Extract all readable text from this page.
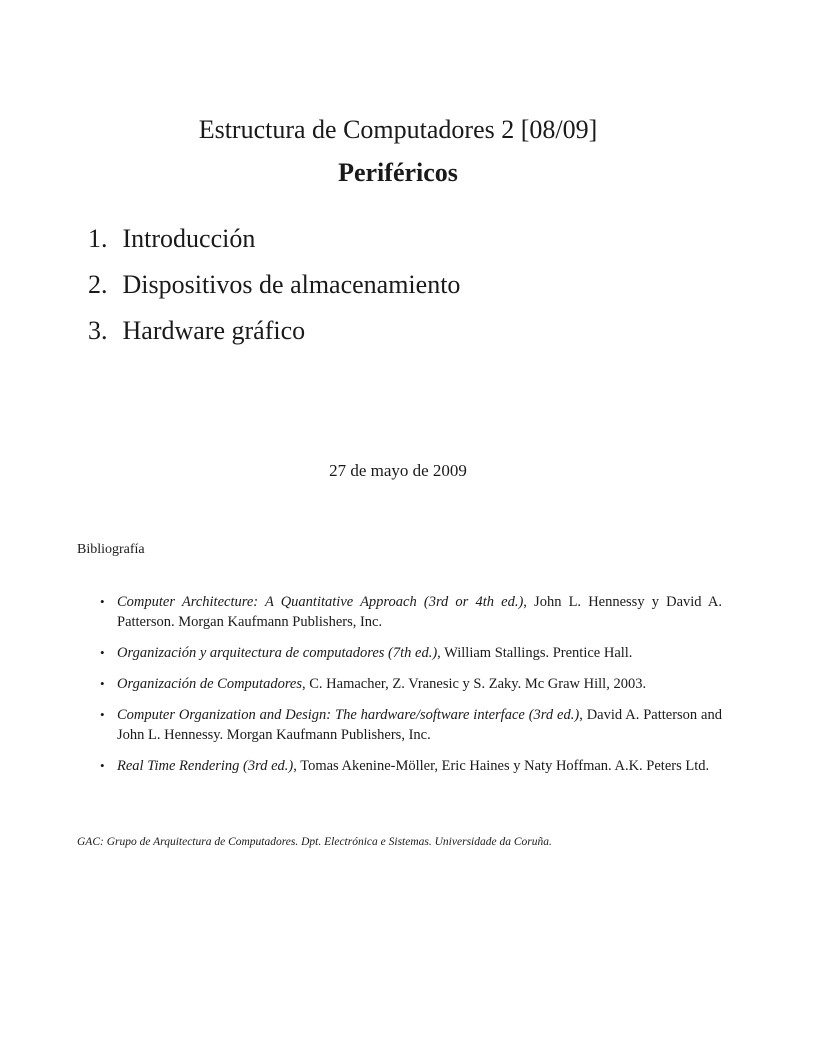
Estructura de Computadores 2 [08/09]
Periféricos
1. Introducción
2. Dispositivos de almacenamiento
3. Hardware gráfico
27 de mayo de 2009
Bibliografía
• Computer Architecture: A Quantitative Approach (3rd or 4th ed.), John L. Hennessy y David A. Patterson. Morgan Kaufmann Publishers, Inc.
• Organización y arquitectura de computadores (7th ed.), William Stallings. Prentice Hall.
• Organización de Computadores, C. Hamacher, Z. Vranesic y S. Zaky. Mc Graw Hill, 2003.
• Computer Organization and Design: The hardware/software interface (3rd ed.), David A. Patterson and John L. Hennessy. Morgan Kaufmann Publishers, Inc.
• Real Time Rendering (3rd ed.), Tomas Akenine-Möller, Eric Haines y Naty Hoffman. A.K. Peters Ltd.
GAC: Grupo de Arquitectura de Computadores. Dpt. Electrónica e Sistemas. Universidade da Coruña.
